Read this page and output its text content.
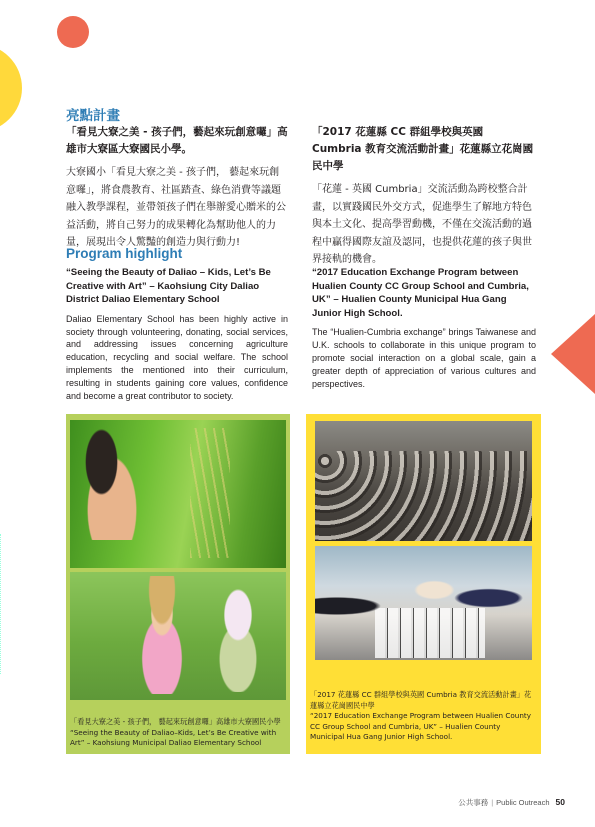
亮點計畫
「看見大寮之美 - 孩子們，藝起來玩創意囉」高雄市大寮區大寮國民小學。
大寮國小「看見大寮之美 - 孩子們， 藝起來玩創意囉」，將食農教育、社區踏查、綠色消費等議題融入教學課程，並帶領孩子們在舉辦愛心贈米的公益活動，將自己努力的成果轉化為幫助他人的力量，展現出令人驚豔的創造力與行動力!
「2017 花蓮縣 CC 群組學校與英國 Cumbria 教育交流活動計畫」花蓮縣立花崗國民中學
「花蓮 - 英國 Cumbria」交流活動為跨校整合計畫，以實踐國民外交方式，促進學生了解地方特色與本土文化、提高學習動機，不僅在交流活動的過程中贏得國際友誼及認同，也提供花蓮的孩子與世界接軌的機會。
Program highlight
“Seeing the Beauty of Daliao – Kids, Let’s Be Creative with Art” – Kaohsiung City Daliao District Daliao Elementary School
Daliao Elementary School has been highly active in society through volunteering, donating, social services, and addressing issues concerning agriculture education, recycling and social welfare. The school implements the mentioned into their curriculum, resulting in students gaining core values, confidence and become a great contributor to society.
“2017 Education Exchange Program between Hualien County CC Group School and Cumbria, UK” – Hualien County Municipal Hua Gang Junior High School.
The “Hualien-Cumbria exchange” brings Taiwanese and U.K. schools to collaborate in this unique program to promote social interaction on a global scale, gain a greater depth of appreciation of various cultures and perspectives.
「看見大寮之美 - 孩子們， 藝起來玩創意囉」高雄市大寮國民小學
“Seeing the Beauty of Daliao–Kids, Let’s Be Creative with Art” – Kaohsiung Municipal Daliao Elementary School
「2017 花蓮縣 CC 群組學校與英國 Cumbria 教育交流活動計畫」花蓮縣立花崗國民中學
“2017 Education Exchange Program between Hualien County CC Group School and Cumbria, UK” – Hualien County Municipal Hua Gang Junior High School.
公共事務 | Public Outreach 50
